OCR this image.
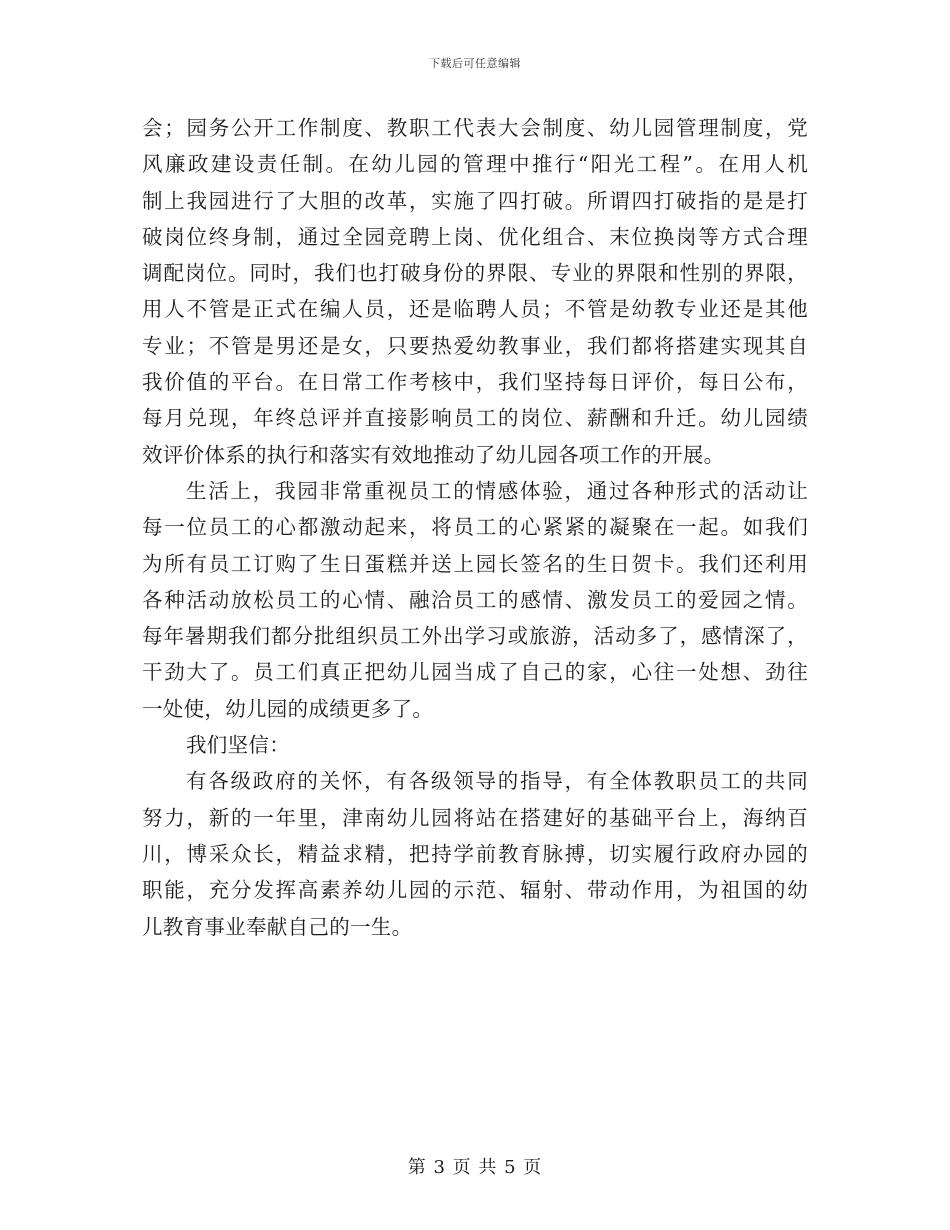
下载后可任意编辑
会；园务公开工作制度、教职工代表大会制度、幼儿园管理制度，党
风廉政建设责任制。在幼儿园的管理中推行“阳光工程”。在用人机
制上我园进行了大胆的改革，实施了四打破。所谓四打破指的是是打
破岗位终身制，通过全园竞聘上岗、优化组合、末位换岗等方式合理
调配岗位。同时，我们也打破身份的界限、专业的界限和性别的界限，
用人不管是正式在编人员，还是临聘人员；不管是幼教专业还是其他
专业；不管是男还是女，只要热爱幼教事业，我们都将搭建实现其自
我价值的平台。在日常工作考核中，我们坚持每日评价，每日公布，
每月兑现，年终总评并直接影响员工的岗位、薪酬和升迁。幼儿园绩
效评价体系的执行和落实有效地推动了幼儿园各项工作的开展。
生活上，我园非常重视员工的情感体验，通过各种形式的活动让
每一位员工的心都激动起来，将员工的心紧紧的凝聚在一起。如我们
为所有员工订购了生日蛋糕并送上园长签名的生日贺卡。我们还利用
各种活动放松员工的心情、融洽员工的感情、激发员工的爱园之情。
每年暑期我们都分批组织员工外出学习或旅游，活动多了，感情深了，
干劲大了。员工们真正把幼儿园当成了自己的家，心往一处想、劲往
一处使，幼儿园的成绩更多了。
我们坚信：
有各级政府的关怀，有各级领导的指导，有全体教职员工的共同
努力，新的一年里，津南幼儿园将站在搭建好的基础平台上，海纳百
川，博采众长，精益求精，把持学前教育脉搏，切实履行政府办园的
职能，充分发挥高素养幼儿园的示范、辐射、带动作用，为祖国的幼
儿教育事业奉献自己的一生。
第 3 页 共 5 页
